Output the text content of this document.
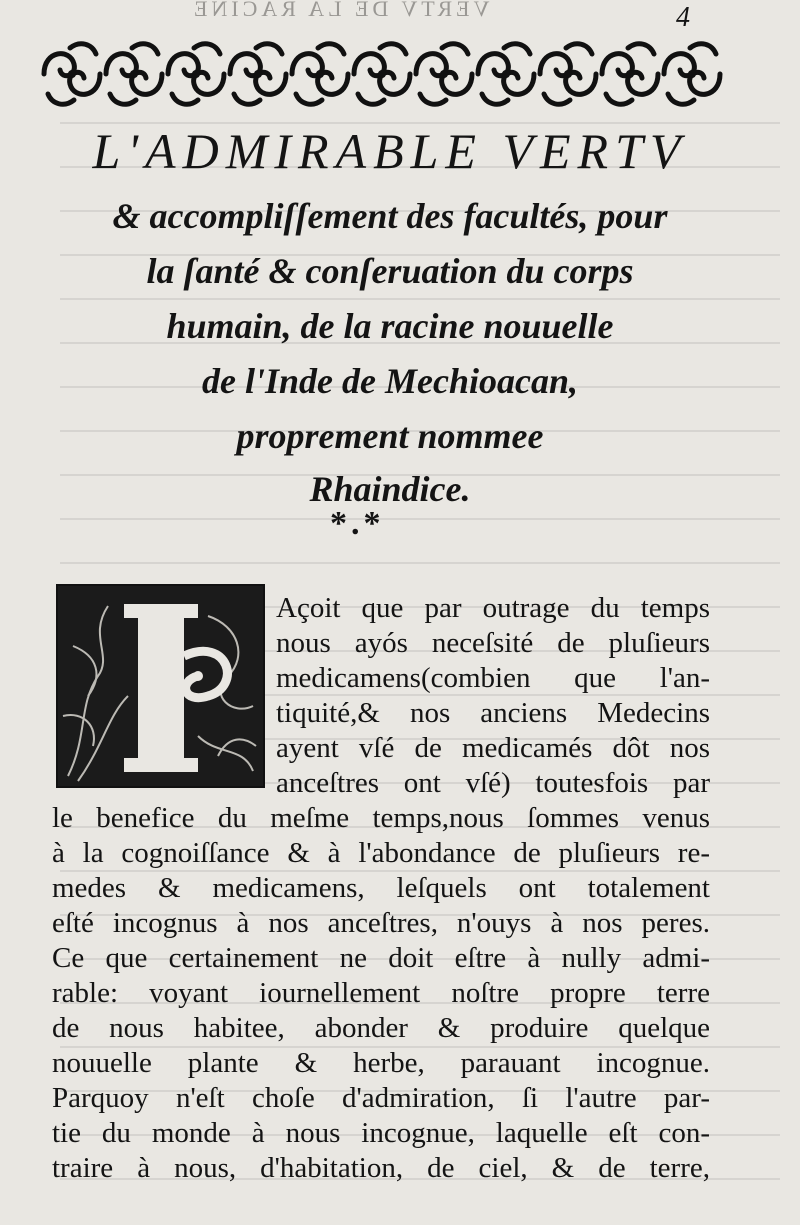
VERTV DE LA RACINE	4
L'ADMIRABLE VERTV
& accompliſſement des facultés, pour
la ſanté & conſeruation du corps
humain, de la racine nouuelle
de l'Inde de Mechioacan,
proprement nommee
Rhaindice.
*.*

Açoit que par outrage du temps

nous ayós neceſsité de pluſieurs

medicamens(combien que l'an-

tiquité,& nos anciens Medecins

ayent vſé de medicamés dôt nos

anceſtres ont vſé) toutesfois par

le benefice du meſme temps,nous ſommes venus

à la cognoiſſance & à l'abondance de pluſieurs re-

medes & medicamens, leſquels ont totalement

eſté incognus à nos anceſtres, n'ouys à nos peres.

Ce que certainement ne doit eſtre à nully admi-

rable: voyant iournellement noſtre propre terre

de nous habitee, abonder & produire quelque

nouuelle plante & herbe, parauant incognue.

Parquoy n'eſt choſe d'admiration, ſi l'autre par-

tie du monde à nous incognue, laquelle eſt con-

traire à nous, d'habitation, de ciel, & de terre,
